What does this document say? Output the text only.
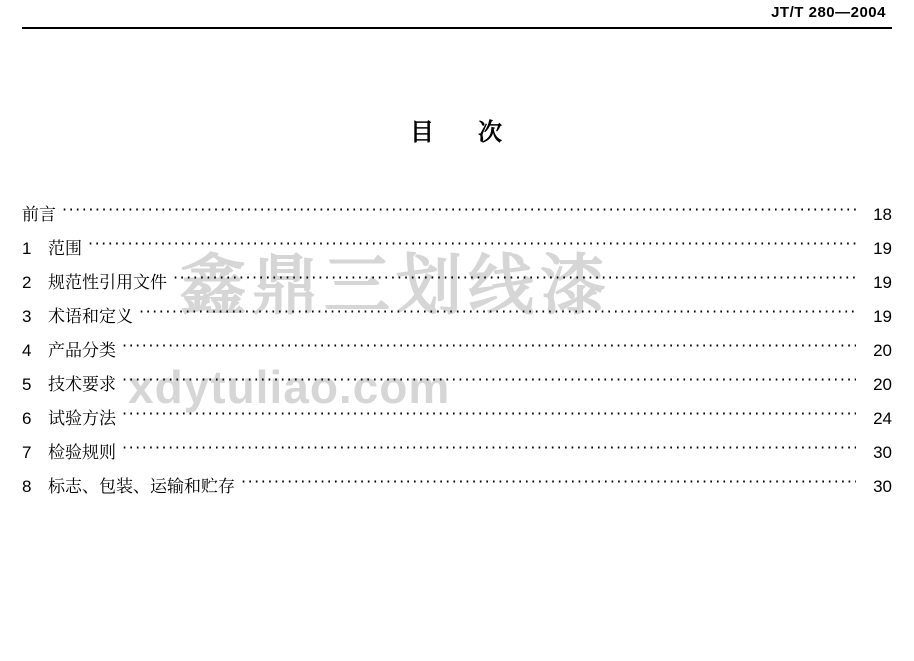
JT/T 280—2004
目 次
鑫鼎三划线漆
xdytuliao.com
前言 ·····	18
1 范围 ·····	19
2 规范性引用文件 ·····	19
3 术语和定义 ·····	19
4 产品分类 ·····	20
5 技术要求 ·····	20
6 试验方法 ·····	24
7 检验规则 ·····	30
8 标志、包装、运输和贮存 ·····	30
